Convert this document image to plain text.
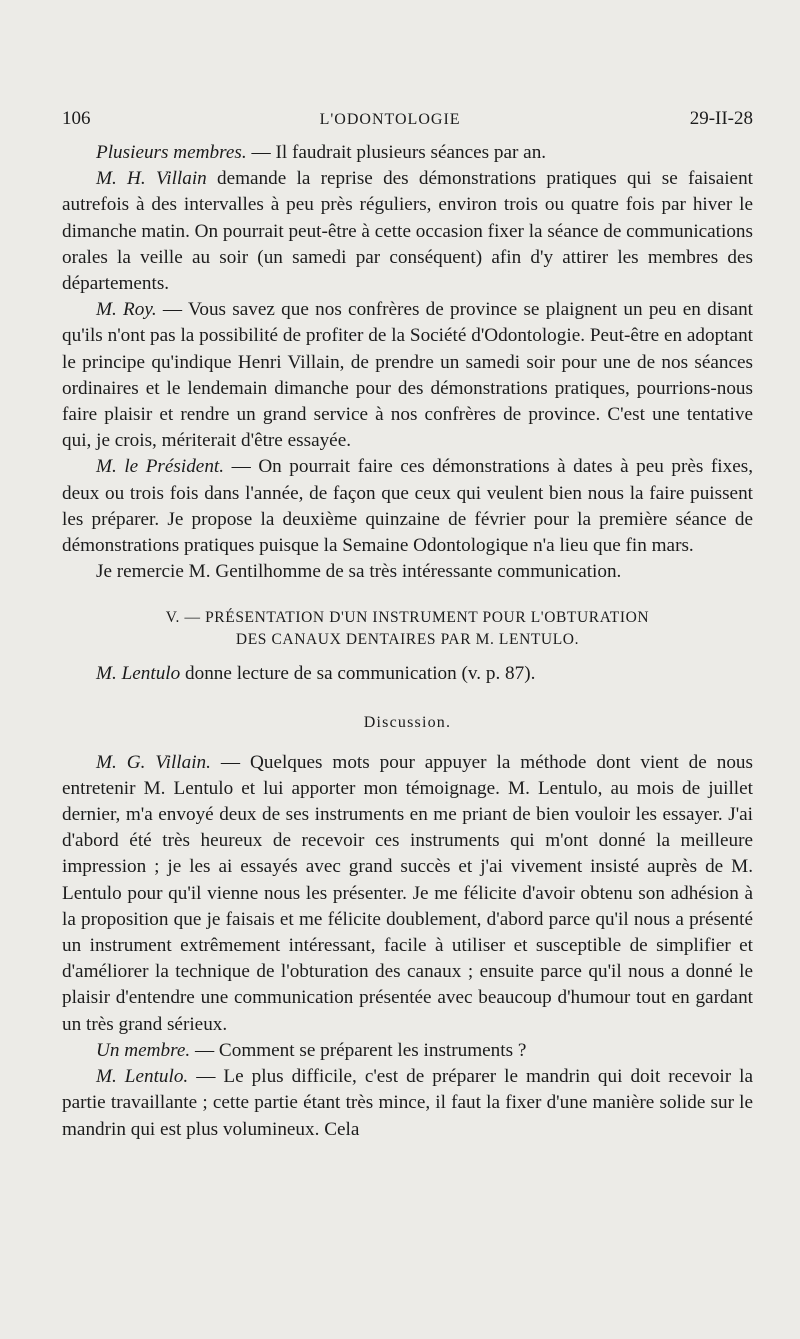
106	L'ODONTOLOGIE	29-II-28

Plusieurs membres. — Il faudrait plusieurs séances par an.

M. H. Villain demande la reprise des démonstrations pratiques qui se faisaient autrefois à des intervalles à peu près réguliers, environ trois ou quatre fois par hiver le dimanche matin. On pourrait peut-être à cette occasion fixer la séance de communications orales la veille au soir (un samedi par conséquent) afin d'y attirer les membres des départements.

M. Roy. — Vous savez que nos confrères de province se plaignent un peu en disant qu'ils n'ont pas la possibilité de profiter de la Société d'Odontologie. Peut-être en adoptant le principe qu'indique Henri Villain, de prendre un samedi soir pour une de nos séances ordinaires et le lendemain dimanche pour des démonstrations pratiques, pourrions-nous faire plaisir et rendre un grand service à nos confrères de province. C'est une tentative qui, je crois, mériterait d'être essayée.

M. le Président. — On pourrait faire ces démonstrations à dates à peu près fixes, deux ou trois fois dans l'année, de façon que ceux qui veulent bien nous la faire puissent les préparer. Je propose la deuxième quinzaine de février pour la première séance de démonstrations pratiques puisque la Semaine Odontologique n'a lieu que fin mars.

Je remercie M. Gentilhomme de sa très intéressante communication.

V. — PRÉSENTATION D'UN INSTRUMENT POUR L'OBTURATION
DES CANAUX DENTAIRES PAR M. LENTULO.

M. Lentulo donne lecture de sa communication (v. p. 87).

Discussion.

M. G. Villain. — Quelques mots pour appuyer la méthode dont vient de nous entretenir M. Lentulo et lui apporter mon témoignage. M. Lentulo, au mois de juillet dernier, m'a envoyé deux de ses instruments en me priant de bien vouloir les essayer. J'ai d'abord été très heureux de recevoir ces instruments qui m'ont donné la meilleure impression ; je les ai essayés avec grand succès et j'ai vivement insisté auprès de M. Lentulo pour qu'il vienne nous les présenter. Je me félicite d'avoir obtenu son adhésion à la proposition que je faisais et me félicite doublement, d'abord parce qu'il nous a présenté un instrument extrêmement intéressant, facile à utiliser et susceptible de simplifier et d'améliorer la technique de l'obturation des canaux ; ensuite parce qu'il nous a donné le plaisir d'entendre une communication présentée avec beaucoup d'humour tout en gardant un très grand sérieux.

Un membre. — Comment se préparent les instruments ?

M. Lentulo. — Le plus difficile, c'est de préparer le mandrin qui doit recevoir la partie travaillante ; cette partie étant très mince, il faut la fixer d'une manière solide sur le mandrin qui est plus volumineux. Cela
